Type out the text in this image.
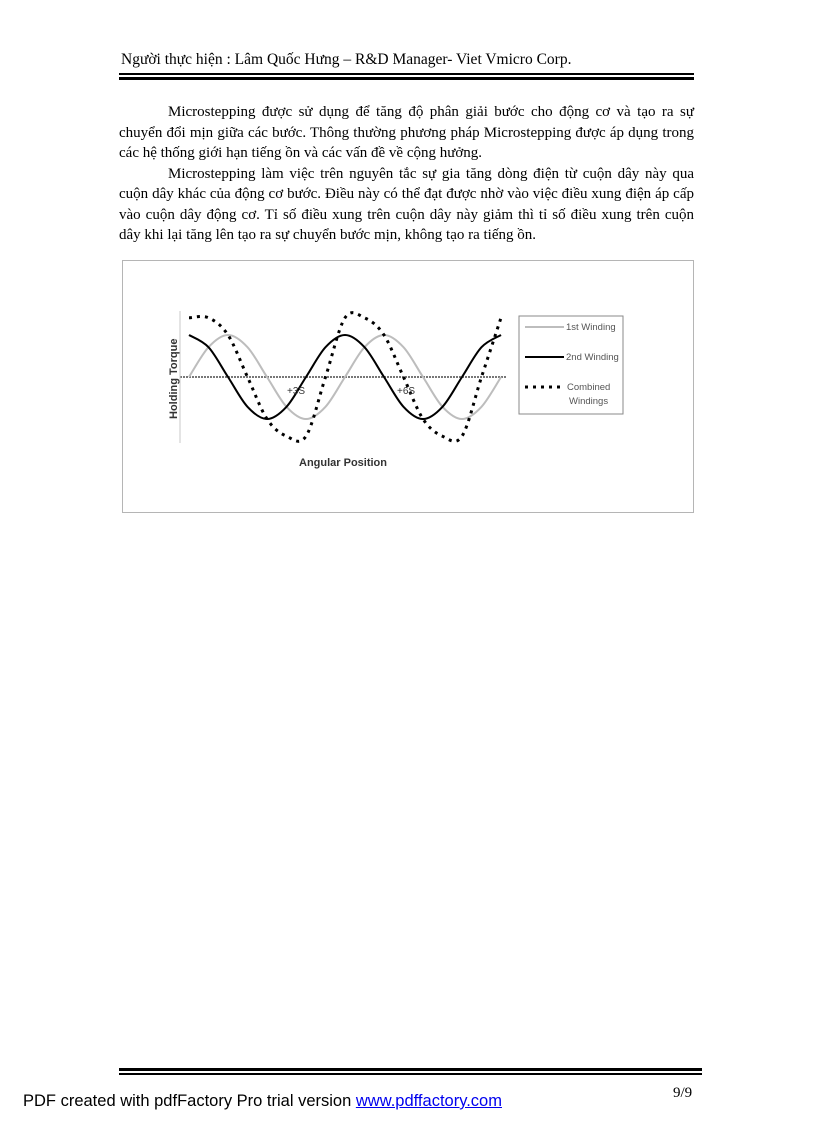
Người thực hiện : Lâm Quốc Hưng – R&D Manager- Viet Vmicro Corp.

Microstepping được sử dụng để tăng độ phân giải bước cho động cơ và tạo ra sự chuyển đổi mịn giữa các bước. Thông thường phương pháp Microstepping được áp dụng trong các hệ thống giới hạn tiếng ồn và các vấn đề về cộng hưởng.

Microstepping làm việc trên nguyên tắc sự gia tăng dòng điện từ cuộn dây này qua cuộn dây khác của động cơ bước. Điều này có thể đạt được nhờ vào việc điều xung điện áp cấp vào cuộn dây động cơ. Tỉ số điều xung trên cuộn dây này giảm thì tỉ số điều xung trên cuộn dây khi lại tăng lên tạo ra sự chuyển bước mịn, không tạo ra tiếng ồn.

+3S	+6S
Angular Position
Holding Torque
1st Winding
2nd Winding
Combined
Windings
9/9
PDF created with pdfFactory Pro trial version www.pdffactory.com
